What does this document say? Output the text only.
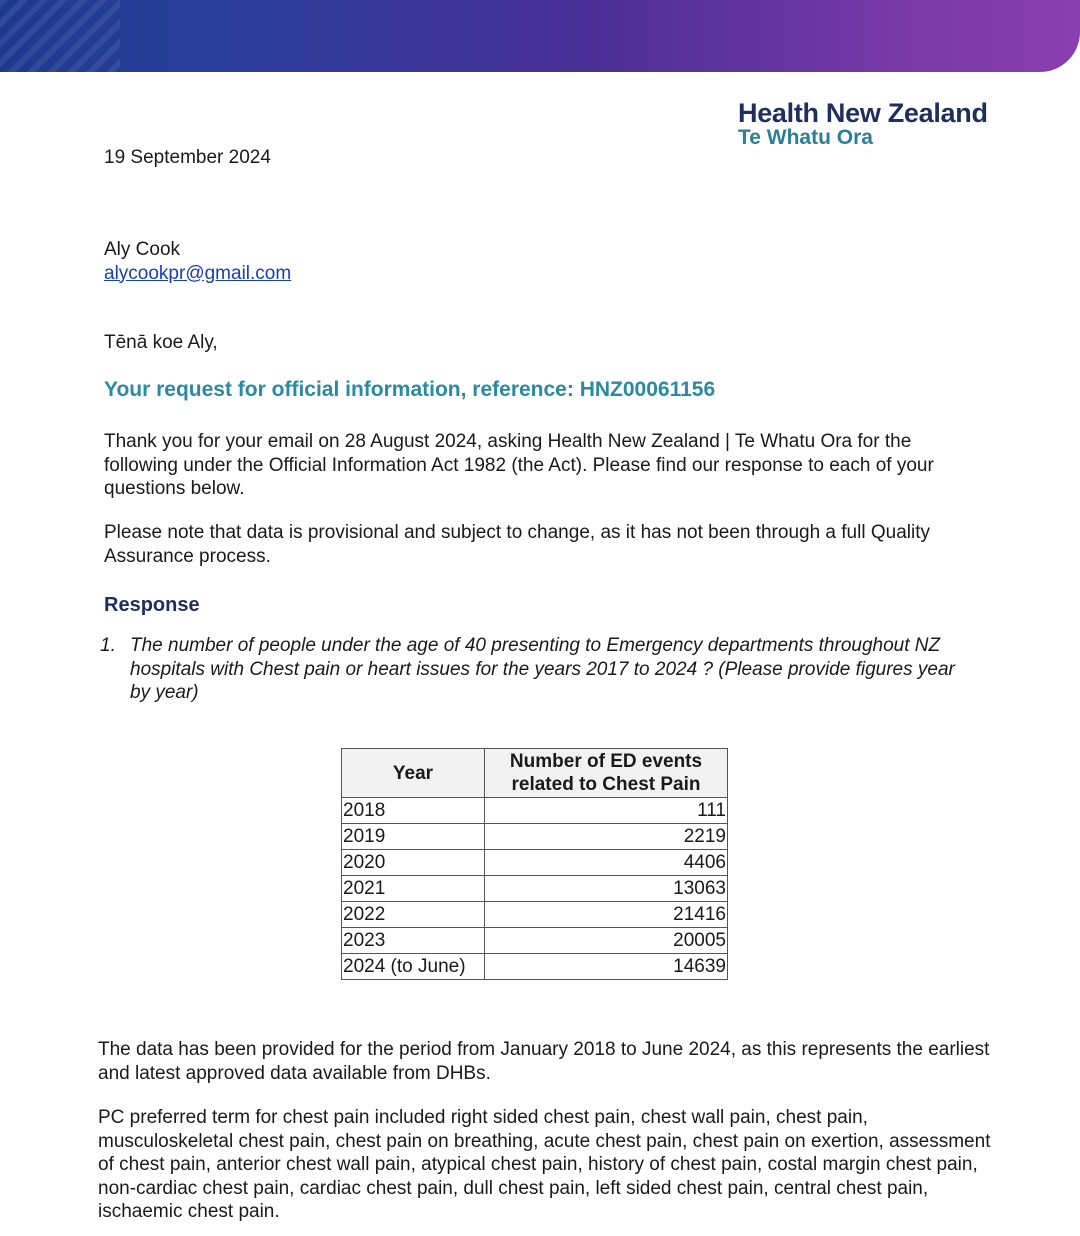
Health New Zealand
Te Whatu Ora
19 September 2024
Aly Cook
alycookpr@gmail.com
Tēnā koe Aly,
Your request for official information, reference: HNZ00061156
Thank you for your email on 28 August 2024, asking Health New Zealand | Te Whatu Ora for the following under the Official Information Act 1982 (the Act). Please find our response to each of your questions below.
Please note that data is provisional and subject to change, as it has not been through a full Quality Assurance process.
Response
1. The number of people under the age of 40 presenting to Emergency departments throughout NZ hospitals with Chest pain or heart issues for the years 2017 to 2024 ? (Please provide figures year by year)
Year	Number of ED events related to Chest Pain
2018	111
2019	2219
2020	4406
2021	13063
2022	21416
2023	20005
2024 (to June)	14639
The data has been provided for the period from January 2018 to June 2024, as this represents the earliest and latest approved data available from DHBs.
PC preferred term for chest pain included right sided chest pain, chest wall pain, chest pain, musculoskeletal chest pain, chest pain on breathing, acute chest pain, chest pain on exertion, assessment of chest pain, anterior chest wall pain, atypical chest pain, history of chest pain, costal margin chest pain, non-cardiac chest pain, cardiac chest pain, dull chest pain, left sided chest pain, central chest pain, ischaemic chest pain.
